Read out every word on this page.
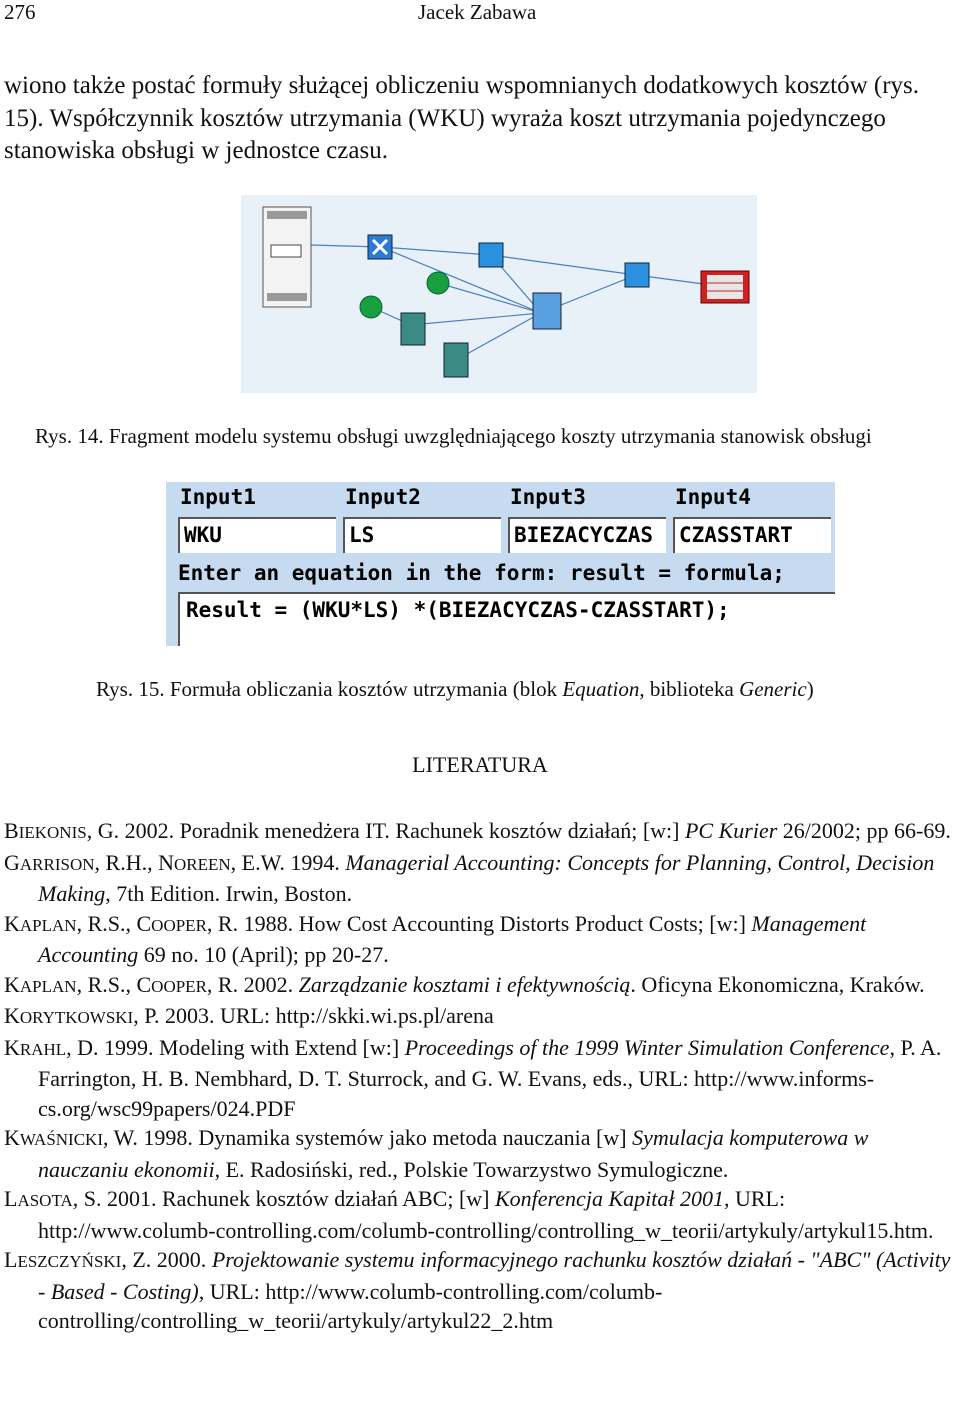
276	Jacek Zabawa
wiono także postać formuły służącej obliczeniu wspomnianych dodatkowych kosztów (rys. 15). Współczynnik kosztów utrzymania (WKU) wyraża koszt utrzymania pojedynczego stanowiska obsługi w jednostce czasu.
Rys. 14. Fragment modelu systemu obsługi uwzględniającego koszty utrzymania stanowisk obsługi
Input1	Input2	Input3	Input4
WKU	LS	BIEZACYCZAS	CZASSTART
Enter an equation in the form: result = formula;
Result = (WKU*LS) *(BIEZACYCZAS-CZASSTART);
Rys. 15. Formuła obliczania kosztów utrzymania (blok Equation, biblioteka Generic)
LITERATURA
BIEKONIS, G. 2002. Poradnik menedżera IT. Rachunek kosztów działań; [w:] PC Kurier 26/2002; pp 66-69.
GARRISON, R.H., NOREEN, E.W. 1994. Managerial Accounting: Concepts for Planning, Control, Decision Making, 7th Edition. Irwin, Boston.
KAPLAN, R.S., COOPER, R. 1988. How Cost Accounting Distorts Product Costs; [w:] Management Accounting 69 no. 10 (April); pp 20-27.
KAPLAN, R.S., COOPER, R. 2002. Zarządzanie kosztami i efektywnością. Oficyna Ekonomiczna, Kraków.
KORYTKOWSKI, P. 2003. URL: http://skki.wi.ps.pl/arena
KRAHL, D. 1999. Modeling with Extend [w:] Proceedings of the 1999 Winter Simulation Conference, P. A. Farrington, H. B. Nembhard, D. T. Sturrock, and G. W. Evans, eds., URL: http://www.informs-cs.org/wsc99papers/024.PDF
KWAŚNICKI, W. 1998. Dynamika systemów jako metoda nauczania [w] Symulacja komputerowa w nauczaniu ekonomii, E. Radosiński, red., Polskie Towarzystwo Symulogiczne.
LASOTA, S. 2001. Rachunek kosztów działań ABC; [w] Konferencja Kapitał 2001, URL: http://www.columb-controlling.com/columb-controlling/controlling_w_teorii/artykuly/artykul15.htm.
LESZCZYŃSKI, Z. 2000. Projektowanie systemu informacyjnego rachunku kosztów działań - "ABC" (Activity - Based - Costing), URL: http://www.columb-controlling.com/columb-controlling/controlling_w_teorii/artykuly/artykul22_2.htm
